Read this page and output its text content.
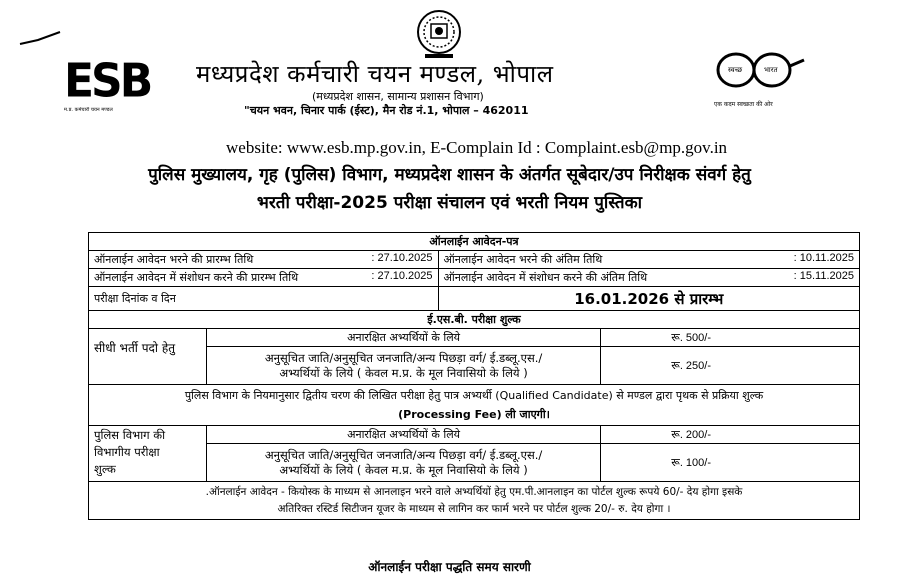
ESB
म.प्र. कर्मचारी चयन मण्डल
मध्यप्रदेश कर्मचारी चयन मण्डल, भोपाल
(मध्यप्रदेश शासन, सामान्य प्रशासन विभाग)
"चयन भवन, चिनार पार्क (ईस्ट), मैन रोड नं.1, भोपाल – 462011
स्वच्छ	भारत
एक कदम स्वच्छता की ओर
website: www.esb.mp.gov.in, E-Complain Id : Complaint.esb@mp.gov.in
पुलिस मुख्यालय, गृह (पुलिस) विभाग, मध्यप्रदेश शासन के अंतर्गत सूबेदार/उप निरीक्षक संवर्ग हेतु
भरती परीक्षा-2025 परीक्षा संचालन एवं भरती नियम पुस्तिका
ऑनलाईन आवेदन-पत्र			
ऑनलाईन आवेदन भरने की प्रारम्भ तिथि : 27.10.2025		ऑनलाईन आवेदन भरने की अंतिम तिथि : 10.11.2025	

ऑनलाईन आवेदन में संशोधन करने की प्रारम्भ तिथि : 27.10.2025		ऑनलाईन आवेदन में संशोधन करने की अंतिम तिथि : 15.11.2025	

परीक्षा दिनांक व दिन		16.01.2026 से प्रारम्भ	
ई.एस.बी. परीक्षा शुल्क			
सीधी भर्ती पदो हेतु	अनारक्षित अभ्यर्थियों के लिये		रू. 500/-

	अनुसूचित जाति/अनुसूचित जनजाति/अन्य पिछड़ा वर्ग/ ई.डब्लू.एस./
अभ्यर्थियों के लिये ( केवल म.प्र. के मूल निवासियो के लिये )		रू. 250/-

पुलिस विभाग के नियमानुसार द्वितीय चरण की लिखित परीक्षा हेतु पात्र अभ्यर्थी (Qualified Candidate) से मण्डल द्वारा पृथक से प्रक्रिया शुल्क
(Processing Fee) ली जाएगी।			

पुलिस विभाग की
विभागीय परीक्षा
शुल्क	अनारक्षित अभ्यर्थियों के लिये		रू. 200/-

	अनुसूचित जाति/अनुसूचित जनजाति/अन्य पिछड़ा वर्ग/ ई.डब्लू.एस./
अभ्यर्थियों के लिये ( केवल म.प्र. के मूल निवासियो के लिये )		रू. 100/-

.ऑनलाईन आवेदन - कियोस्क के माध्यम से आनलाइन भरने वाले अभ्यर्थियों हेतु एम.पी.आनलाइन का पोर्टल शुल्क रूपये 60/- देय होगा इसके
अतिरिक्त रस्टिर्ड सिटीजन यूजर के माध्यम से लागिन कर फार्म भरने पर पोर्टल शुल्क 20/- रु. देय होगा ।			
ऑनलाईन परीक्षा पद्धति समय सारणी
